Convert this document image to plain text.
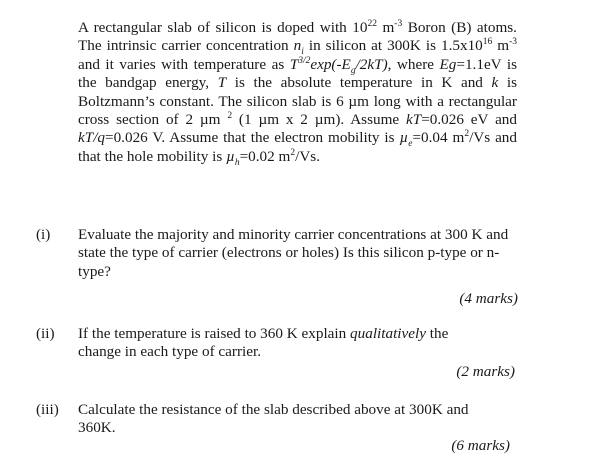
A rectangular slab of silicon is doped with $10^{22}$ $m^{-3}$ Boron (B) atoms. The intrinsic carrier concentration $n_i$ in silicon at 300K is $1.5x10^{16}$ $m^{-3}$ and it varies with temperature as $T^{3/2}\exp(-E_g/2kT)$, where Eg=1.1eV is the bandgap energy, T is the absolute temperature in K and k is Boltzmann’s constant. The silicon slab is 6 µm long with a rectangular cross section of 2 µm $^2$ (1 µm x 2 µm). Assume kT=0.026 eV and kT/q=0.026 V. Assume that the electron mobility is µ$_e$=0.04 $m^2/Vs$ and that the hole mobility is µ$_h$=0.02 $m^2/Vs$.

(i) Evaluate the majority and minority carrier concentrations at 300 K and state the type of carrier (electrons or holes) Is this silicon p-type or n-type?

(4 marks)
(ii) If the temperature is raised to 360 K explain qualitatively the change in each type of carrier.

(2 marks)
(iii) Calculate the resistance of the slab described above at 300K and 360K.

(6 marks)
